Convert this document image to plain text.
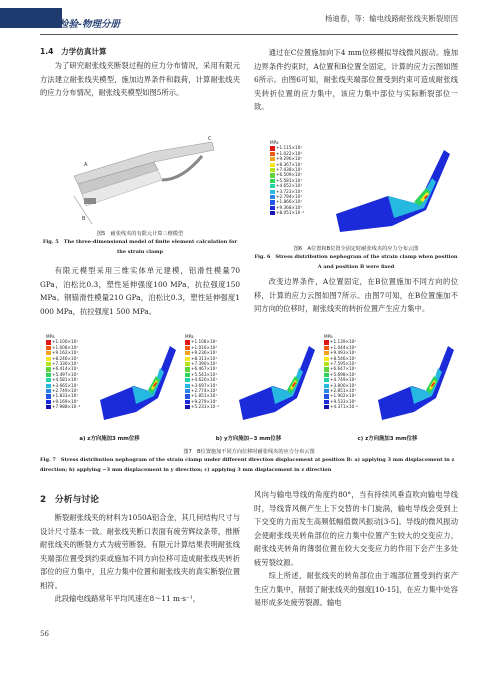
理化检验-物理分册
杨迪春，等：输电线路耐张线夹断裂原因
1.4　力学仿真计算

为了研究耐张线夹断裂过程的应力分布情况，采用有限元方法建立耐张线夹模型，施加边界条件和载荷，计算耐张线夹的应力分布情况，耐张线夹模型如图5所示。

A
B
C
图5　耐张线夹的有限元计算三维模型
Fig. 5　The three-dimensional model of finite element calculation for the strain clamp

有限元模型采用三维实体单元建模，铝滑性模量70 GPa，泊松比0.3，塑性延伸强度100 MPa，抗拉强度150 MPa。钢锚滑性模量210 GPa，泊松比0.3，塑性延伸强度1 000 MPa，抗拉强度1 500 MPa。

通过在C位置施加向下4 mm位移模拟导线微风振动。施加边界条件约束时，A位置和B位置全固定，计算的应力云图如图6所示。由图6可知，耐张线夹端部位置受到约束可造成耐张线夹转折位置的应力集中，该应力集中部位与实际断裂部位一致。

MPa
+1.115×10²
+1.022×10²
+9.296×10¹
+8.367×10¹
+7.438×10¹
+6.509×10¹
+5.581×10¹
+4.652×10¹
+3.723×10¹
+2.794×10¹
+1.866×10¹
+9.368×10⁰
+8.051×10⁻²
图6　A位置和B位置全固定时耐张线夹的应力分布云图
Fig. 6　Stress distribution nephogram of the strain clamp when position A and position B were fixed

改变边界条件，A位置固定，在B位置施加不同方向的位移，计算的应力云图如图7所示。由图7可知，在B位置施加不同方向的位移时，耐张线夹的转折位置产生应力集中。

MPa
+1.100×10²
+1.008×10²
+9.162×10¹
+8.246×10¹
+7.330×10¹
+6.414×10¹
+5.497×10¹
+4.581×10¹
+3.665×10¹
+2.749×10¹
+1.833×10¹
+9.169×10⁰
+7.988×10⁻³
a) z方向施加3 mm位移
MPa
+1.108×10²
+1.016×10²
+9.236×10¹
+8.313×10¹
+7.390×10¹
+6.467×10¹
+5.543×10¹
+4.620×10¹
+3.697×10¹
+2.774×10¹
+1.851×10¹
+9.279×10⁰
+5.233×10⁻²
b) y方向施加−3 mm位移
MPa
+1.139×10²
+1.044×10²
+9.493×10¹
+8.546×10¹
+7.595×10¹
+6.647×10¹
+5.698×10¹
+4.749×10¹
+3.800×10¹
+2.851×10¹
+1.902×10¹
+9.533×10⁰
+4.371×10⁻²
c) z方向施加3 mm位移
图7　B位置施加不同方向位移时耐张线夹的应力分布云图
Fig. 7　Stress distribution nephogram of the strain clamp under different direction displacement at position B: a) applying 3 mm displacement in z direction; b) applying −3 mm displacement in y direction; c) applying 3 mm displacement in z direction
2　分析与讨论

断裂耐张线夹的材料为1050A铝合金，其几何结构尺寸与设计尺寸基本一致。耐张线夹断口表面有疲劳辉纹条带，推断耐张线夹的断裂方式为疲劳断裂。有限元计算结果表明耐张线夹端部位置受到约束或施加不同方向位移可造成耐张线夹转折部位的应力集中，且应力集中位置和耐张线夹的真实断裂位置相符。

此段输电线路常年平均风速在8～11 m·s⁻¹，

风向与输电导线的角度约80°，当有持续风垂直吹向输电导线时，导线背风侧产生上下交替的卡门旋涡，输电导线会受到上下交变的力而发生高频低幅值微风振动[3-5]。导线的微风振动会使耐张线夹转角部位的应力集中位置产生较大的交变应力，耐张线夹转角的薄弱位置在较大交变应力的作用下会产生多处疲劳裂纹源。

综上所述，耐张线夹的转角部位由于端部位置受到约束产生应力集中，削弱了耐张线夹的强度[10-15]，在应力集中处容易形成多处疲劳裂源。输电

56
